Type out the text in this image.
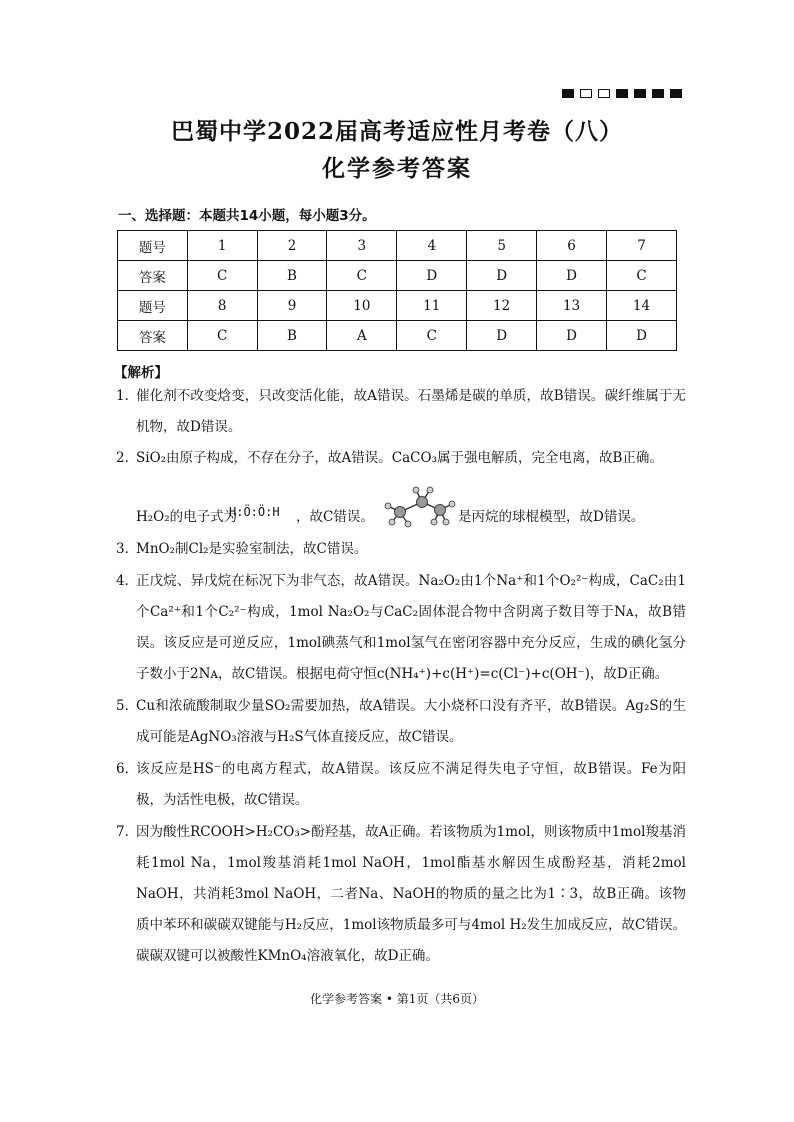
巴蜀中学2022届高考适应性月考卷（八）
化学参考答案
一、选择题：本题共14小题，每小题3分。
题号	1	2	3	4	5	6	7
答案	C	B	C	D	D	D	C
题号	8	9	10	11	12	13	14
答案	C	B	A	C	D	D	D
【解析】
1．
催化剂不改变焓变，只改变活化能，故A错误。石墨烯是碳的单质，故B错误。碳纤维属于无机物，故D错误。
2．
SiO₂由原子构成，不存在分子，故A错误。CaCO₃属于强电解质，完全电离，故B正确。
H₂O₂的电子式为
H:Ö:Ö:H ，故C错误。	是丙烷的球棍模型，故D错误。
3．
MnO₂制Cl₂是实验室制法，故C错误。
4．
正戊烷、异戊烷在标况下为非气态，故A错误。Na₂O₂由1个Na⁺和1个O₂²⁻构成，CaC₂由1个Ca²⁺和1个C₂²⁻构成，1mol Na₂O₂与CaC₂固体混合物中含阴离子数目等于Nᴀ，故B错误。该反应是可逆反应，1mol碘蒸气和1mol氢气在密闭容器中充分反应，生成的碘化氢分子数小于2Nᴀ，故C错误。根据电荷守恒c(NH₄⁺)+c(H⁺)=c(Cl⁻)+c(OH⁻)，故D正确。
5．
Cu和浓硫酸制取少量SO₂需要加热，故A错误。大小烧杯口没有齐平，故B错误。Ag₂S的生成可能是AgNO₃溶液与H₂S气体直接反应，故C错误。
6．
该反应是HS⁻的电离方程式，故A错误。该反应不满足得失电子守恒，故B错误。Fe为阳极，为活性电极，故C错误。
7．
因为酸性RCOOH>H₂CO₃>酚羟基，故A正确。若该物质为1mol，则该物质中1mol羧基消耗1mol Na，1mol羧基消耗1mol NaOH，1mol酯基水解因生成酚羟基，消耗2mol NaOH，共消耗3mol NaOH，二者Na、NaOH的物质的量之比为1∶3，故B正确。该物质中苯环和碳碳双键能与H₂反应，1mol该物质最多可与4mol H₂发生加成反应，故C错误。碳碳双键可以被酸性KMnO₄溶液氧化，故D正确。
化学参考答案 • 第1页（共6页）
